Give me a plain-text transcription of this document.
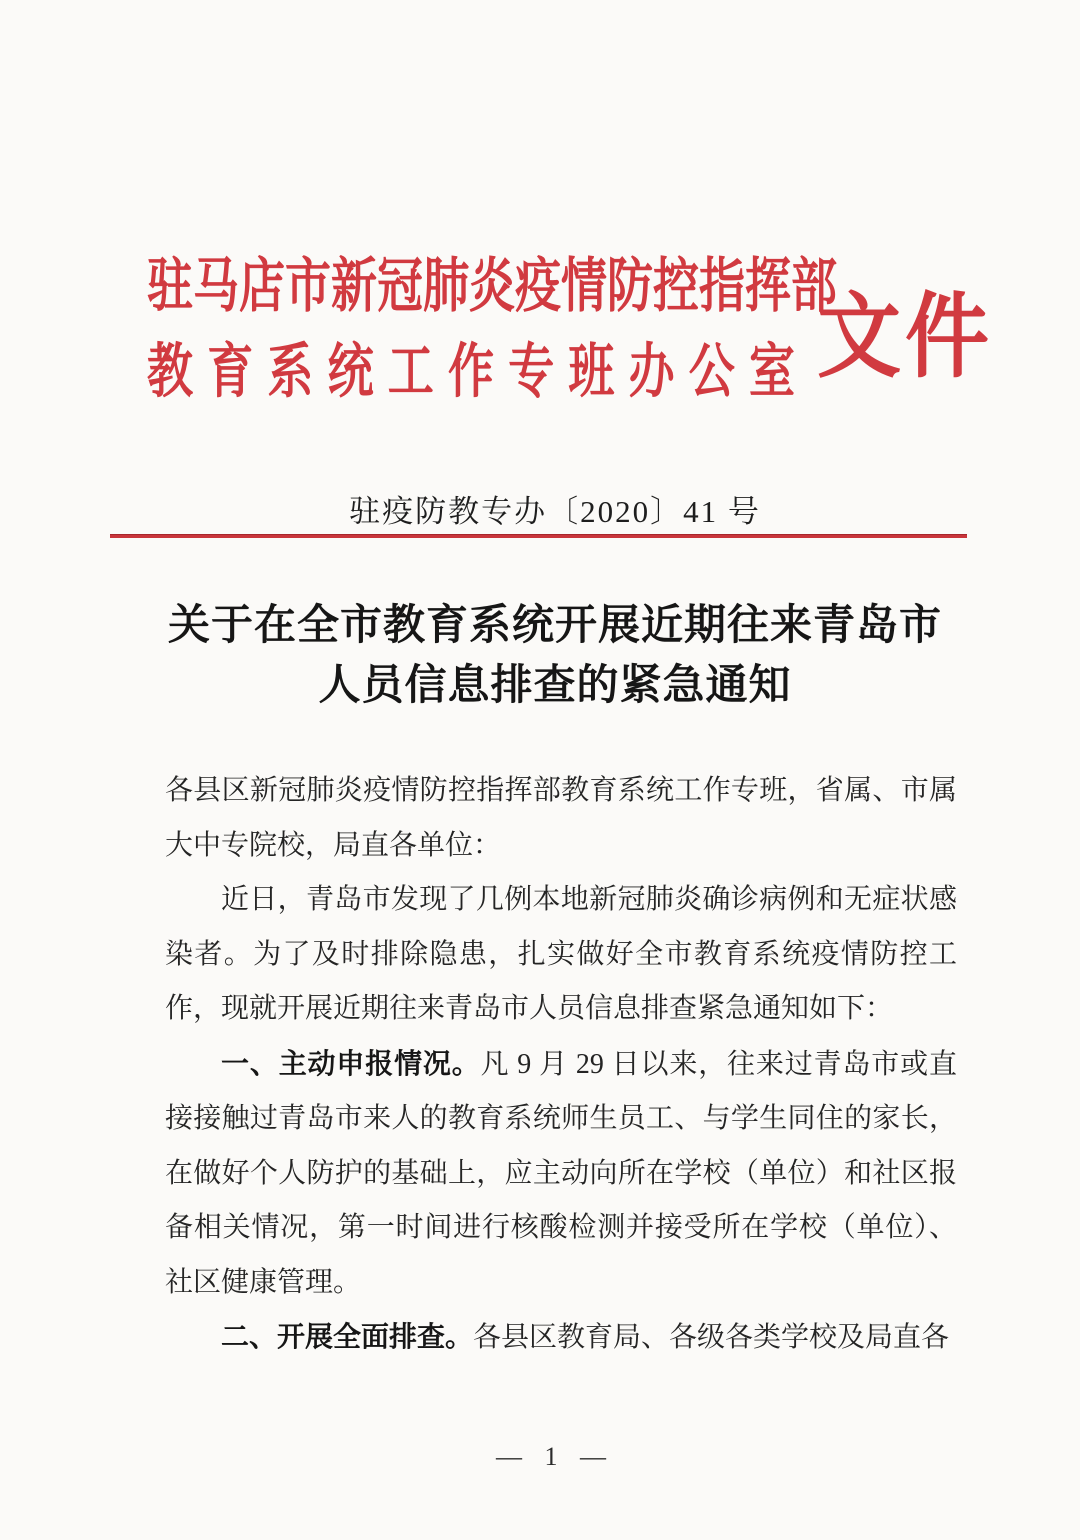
驻马店市新冠肺炎疫情防控指挥部
教育系统工作专班办公室 文件
驻疫防教专办〔2020〕41 号
关于在全市教育系统开展近期往来青岛市
人员信息排查的紧急通知

各县区新冠肺炎疫情防控指挥部教育系统工作专班，省属、市属大中专院校，局直各单位：

近日，青岛市发现了几例本地新冠肺炎确诊病例和无症状感染者。为了及时排除隐患，扎实做好全市教育系统疫情防控工作，现就开展近期往来青岛市人员信息排查紧急通知如下：

一、主动申报情况。凡 9 月 29 日以来，往来过青岛市或直接接触过青岛市来人的教育系统师生员工、与学生同住的家长，在做好个人防护的基础上，应主动向所在学校（单位）和社区报备相关情况，第一时间进行核酸检测并接受所在学校（单位）、社区健康管理。

二、开展全面排查。各县区教育局、各级各类学校及局直各

— 1 —
